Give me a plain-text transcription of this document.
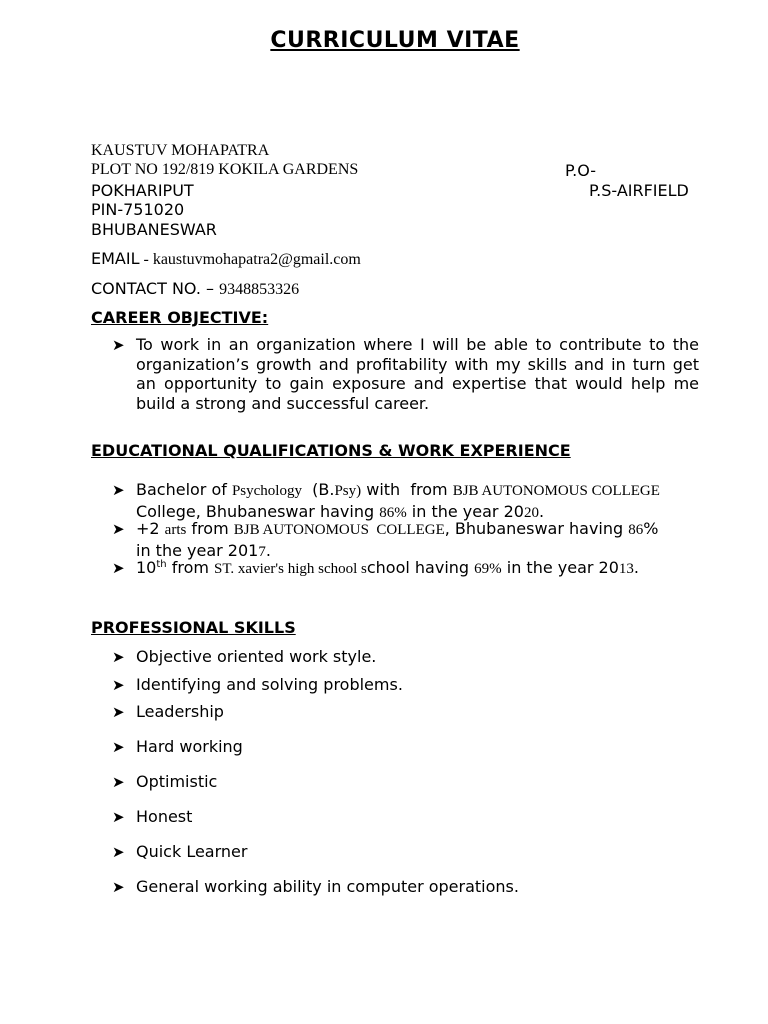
CURRICULUM VITAE
KAUSTUV MOHAPATRA
PLOT NO 192/819 KOKILA GARDENS	P.O-
POKHARIPUT	P.S-AIRFIELD
PIN-751020
BHUBANESWAR
EMAIL - kaustuvmohapatra2@gmail.com
CONTACT NO. – 9348853326
CAREER OBJECTIVE:
➤ To work in an organization where I will be able to contribute to the organization’s growth and profitability with my skills and in turn get an opportunity to gain exposure and expertise that would help me build a strong and successful career.
EDUCATIONAL QUALIFICATIONS & WORK EXPERIENCE
➤ Bachelor of Psychology  (B.Psy) with  from BJB AUTONOMOUS COLLEGE
College, Bhubaneswar having 86% in the year 2020.
➤ +2 arts from BJB AUTONOMOUS  COLLEGE, Bhubaneswar having 86%
in the year 2017.
➤ 10th from ST. xavier's high school school having 69% in the year 2013.
PROFESSIONAL SKILLS
➤ Objective oriented work style.
➤ Identifying and solving problems.
➤ Leadership
➤ Hard working
➤ Optimistic
➤ Honest
➤ Quick Learner
➤ General working ability in computer operations.
